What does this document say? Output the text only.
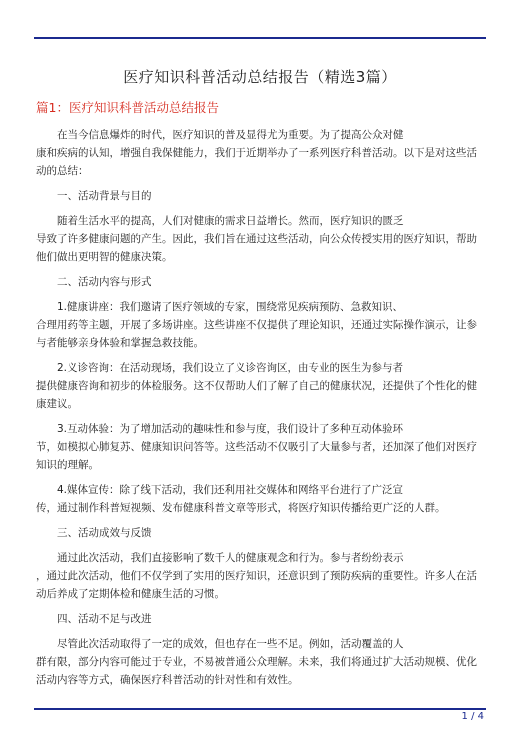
医疗知识科普活动总结报告（精选3篇）
篇1：医疗知识科普活动总结报告

在当今信息爆炸的时代，医疗知识的普及显得尤为重要。为了提高公众对健
康和疾病的认知，增强自我保健能力，我们于近期举办了一系列医疗科普活动。以下是对这些活动的总结：

一、活动背景与目的

随着生活水平的提高，人们对健康的需求日益增长。然而，医疗知识的匮乏
导致了许多健康问题的产生。因此，我们旨在通过这些活动，向公众传授实用的医疗知识，帮助他们做出更明智的健康决策。

二、活动内容与形式

1.健康讲座：我们邀请了医疗领域的专家，围绕常见疾病预防、急救知识、
合理用药等主题，开展了多场讲座。这些讲座不仅提供了理论知识，还通过实际操作演示，让参与者能够亲身体验和掌握急救技能。

2.义诊咨询：在活动现场，我们设立了义诊咨询区，由专业的医生为参与者
提供健康咨询和初步的体检服务。这不仅帮助人们了解了自己的健康状况，还提供了个性化的健康建议。

3.互动体验：为了增加活动的趣味性和参与度，我们设计了多种互动体验环
节，如模拟心肺复苏、健康知识问答等。这些活动不仅吸引了大量参与者，还加深了他们对医疗知识的理解。

4.媒体宣传：除了线下活动，我们还利用社交媒体和网络平台进行了广泛宣
传，通过制作科普短视频、发布健康科普文章等形式，将医疗知识传播给更广泛的人群。

三、活动成效与反馈

通过此次活动，我们直接影响了数千人的健康观念和行为。参与者纷纷表示
，通过此次活动，他们不仅学到了实用的医疗知识，还意识到了预防疾病的重要性。许多人在活动后养成了定期体检和健康生活的习惯。

四、活动不足与改进

尽管此次活动取得了一定的成效，但也存在一些不足。例如，活动覆盖的人
群有限，部分内容可能过于专业，不易被普通公众理解。未来，我们将通过扩大活动规模、优化活动内容等方式，确保医疗科普活动的针对性和有效性。

1 / 4
